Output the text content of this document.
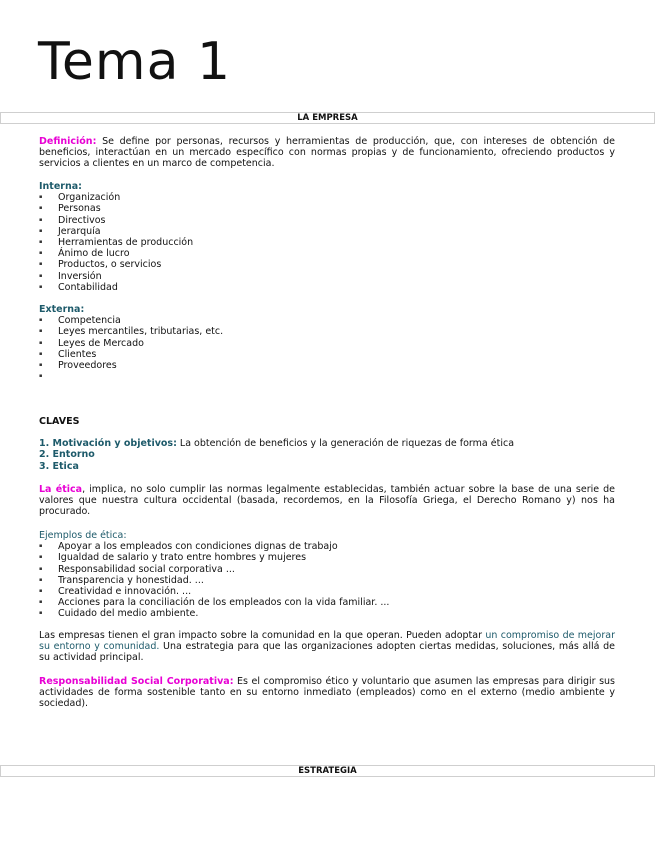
Tema 1
LA EMPRESA

Definición: Se define por personas, recursos y herramientas de producción, que, con intereses de obtención de beneficios, interactúan en un mercado específico con normas propias y de funcionamiento, ofreciendo productos y servicios a clientes en un marco de competencia.

Interna:
▪ Organización
▪ Personas
▪ Directivos
▪ Jerarquía
▪ Herramientas de producción
▪ Ánimo de lucro
▪ Productos, o servicios
▪ Inversión
▪ Contabilidad
Externa:
▪ Competencia
▪ Leyes mercantiles, tributarias, etc.
▪ Leyes de Mercado
▪ Clientes
▪ Proveedores
▪
CLAVES
1. Motivación y objetivos: La obtención de beneficios y la generación de riquezas de forma ética
2. Entorno
3. Etica

La ética, implica, no solo cumplir las normas legalmente establecidas, también actuar sobre la base de una serie de valores que nuestra cultura occidental (basada, recordemos, en la Filosofía Griega, el Derecho Romano y) nos ha procurado.

Ejemplos de ética:
▪ Apoyar a los empleados con condiciones dignas de trabajo
▪ Igualdad de salario y trato entre hombres y mujeres
▪ Responsabilidad social corporativa ...
▪ Transparencia y honestidad. ...
▪ Creatividad e innovación. ...
▪ Acciones para la conciliación de los empleados con la vida familiar. ...
▪ Cuidado del medio ambiente.

Las empresas tienen el gran impacto sobre la comunidad en la que operan. Pueden adoptar un compromiso de mejorar su entorno y comunidad. Una estrategia para que las organizaciones adopten ciertas medidas, soluciones, más allá de su actividad principal.

Responsabilidad Social Corporativa: Es el compromiso ético y voluntario que asumen las empresas para dirigir sus actividades de forma sostenible tanto en su entorno inmediato (empleados) como en el externo (medio ambiente y sociedad).

ESTRATEGIA
